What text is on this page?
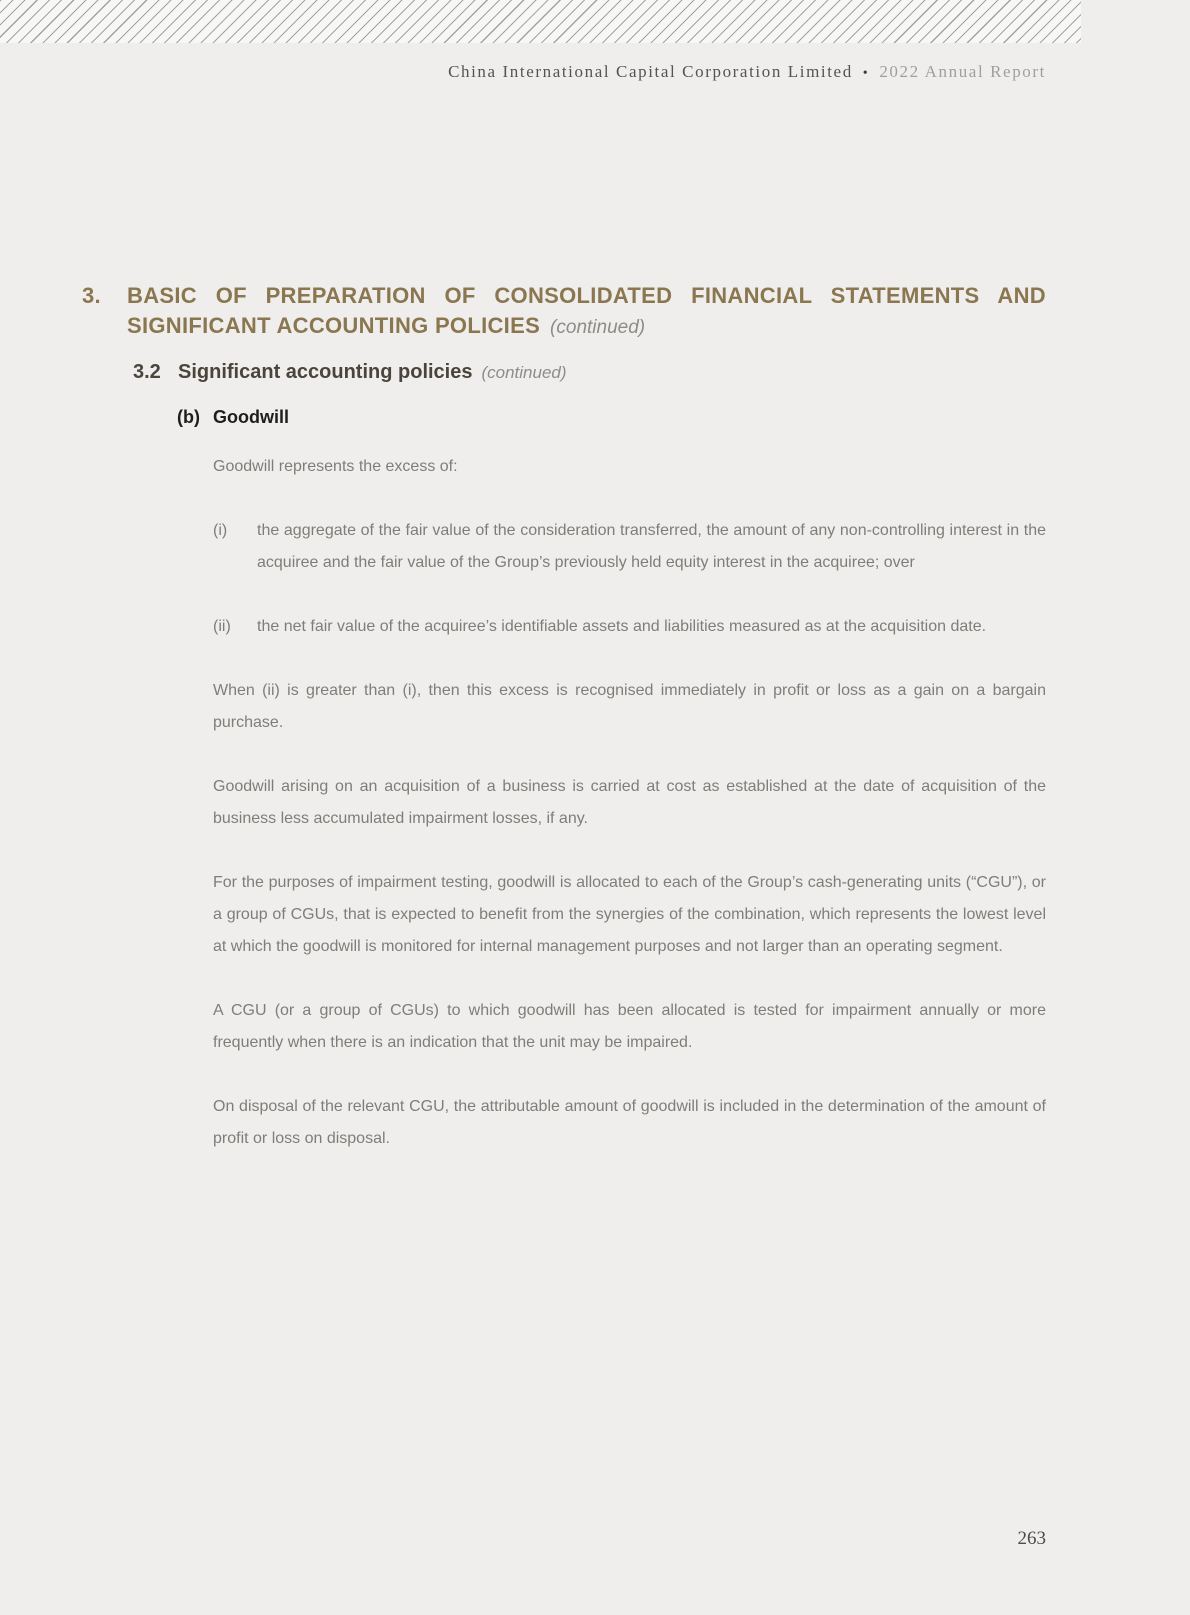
China International Capital Corporation Limited • 2022 Annual Report
3.	BASIC OF PREPARATION OF CONSOLIDATED FINANCIAL STATEMENTS AND SIGNIFICANT ACCOUNTING POLICIES (continued)
3.2 Significant accounting policies (continued)
(b) Goodwill

Goodwill represents the excess of:

(i)	the aggregate of the fair value of the consideration transferred, the amount of any non-controlling interest in the acquiree and the fair value of the Group’s previously held equity interest in the acquiree; over
(ii)	the net fair value of the acquiree’s identifiable assets and liabilities measured as at the acquisition date.

When (ii) is greater than (i), then this excess is recognised immediately in profit or loss as a gain on a bargain purchase.

Goodwill arising on an acquisition of a business is carried at cost as established at the date of acquisition of the business less accumulated impairment losses, if any.

For the purposes of impairment testing, goodwill is allocated to each of the Group’s cash-generating units (“CGU”), or a group of CGUs, that is expected to benefit from the synergies of the combination, which represents the lowest level at which the goodwill is monitored for internal management purposes and not larger than an operating segment.

A CGU (or a group of CGUs) to which goodwill has been allocated is tested for impairment annually or more frequently when there is an indication that the unit may be impaired.

On disposal of the relevant CGU, the attributable amount of goodwill is included in the determination of the amount of profit or loss on disposal.

263
